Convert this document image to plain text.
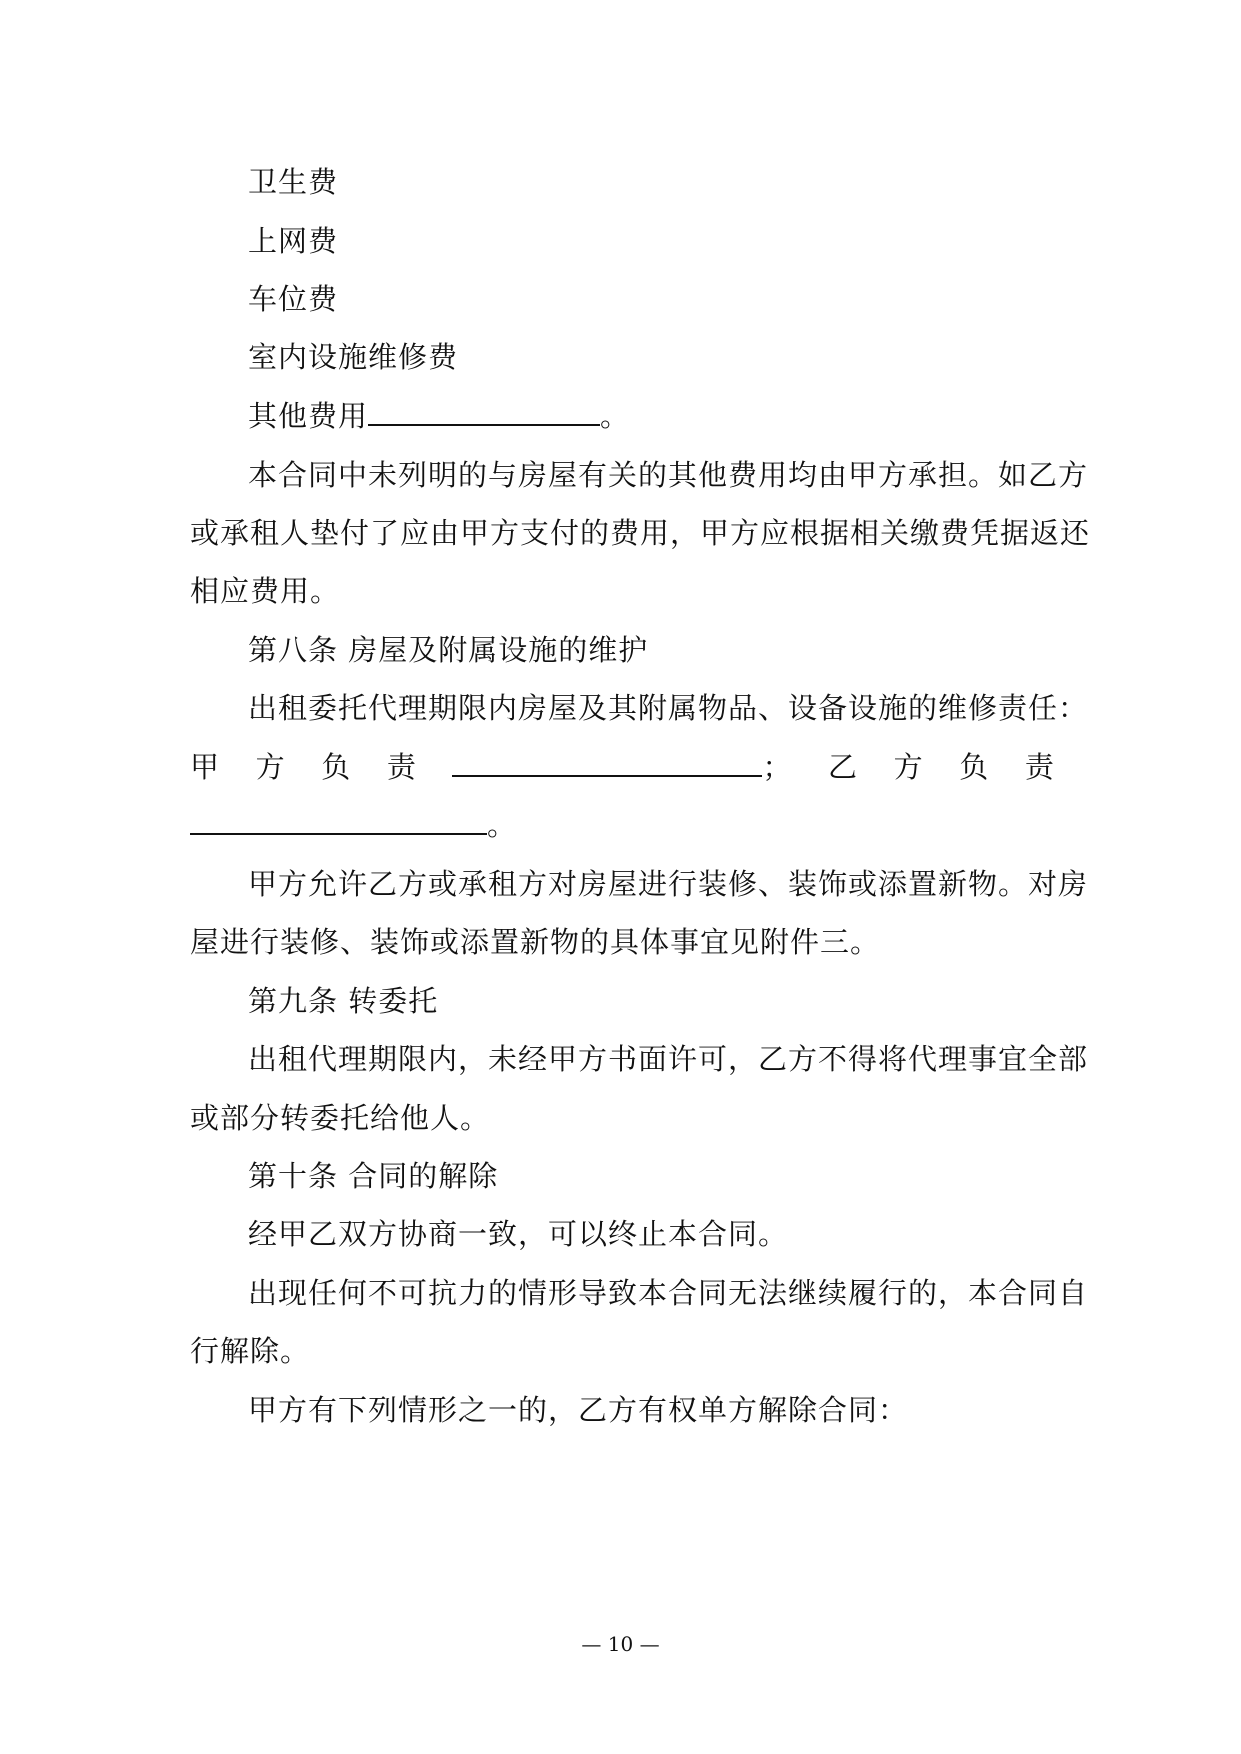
卫生费
上网费
车位费
室内设施维修费
其他费用	。
本合同中未列明的与房屋有关的其他费用均由甲方承担。如乙方
或承租人垫付了应由甲方支付的费用，甲方应根据相关缴费凭据返还
相应费用。
第八条 房屋及附属设施的维护
出租委托代理期限内房屋及其附属物品、设备设施的维修责任：
甲 方 负 责	； 乙 方 负 责
。
甲方允许乙方或承租方对房屋进行装修、装饰或添置新物。对房
屋进行装修、装饰或添置新物的具体事宜见附件三。
第九条 转委托
出租代理期限内，未经甲方书面许可，乙方不得将代理事宜全部
或部分转委托给他人。
第十条 合同的解除
经甲乙双方协商一致，可以终止本合同。
出现任何不可抗力的情形导致本合同无法继续履行的，本合同自
行解除。
甲方有下列情形之一的，乙方有权单方解除合同：
— 10 —
